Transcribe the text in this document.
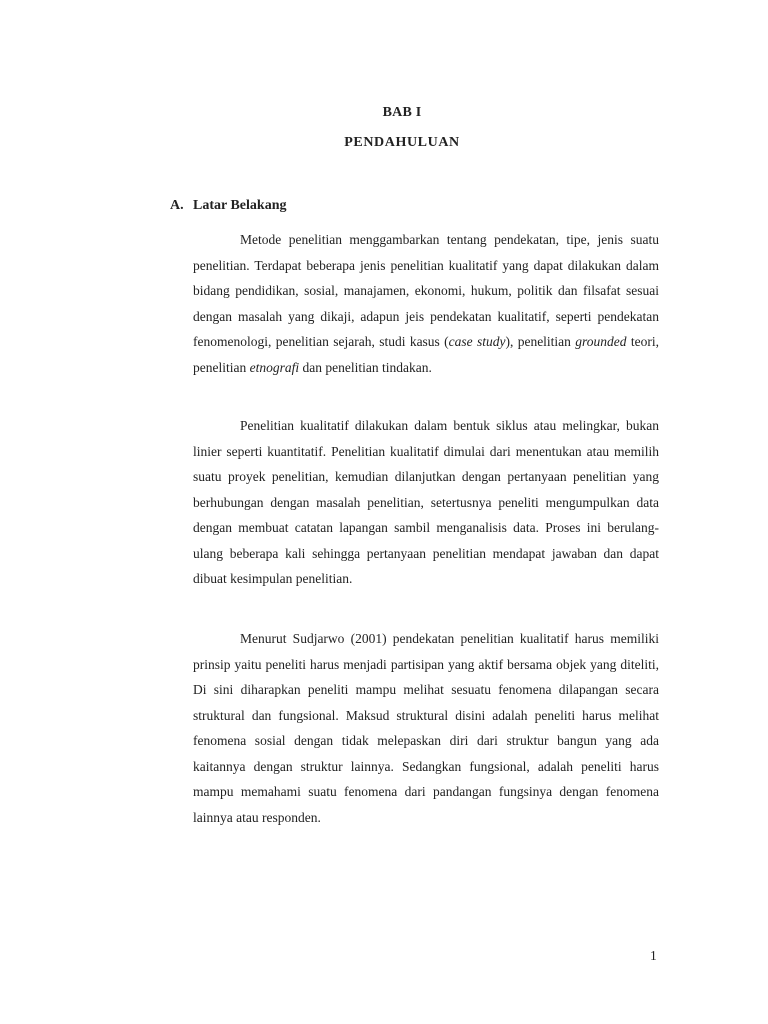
BAB I
PENDAHULUAN
A. Latar Belakang

Metode penelitian menggambarkan tentang pendekatan, tipe, jenis suatu penelitian. Terdapat beberapa jenis penelitian kualitatif yang dapat dilakukan dalam bidang pendidikan, sosial, manajamen, ekonomi, hukum, politik dan filsafat sesuai dengan masalah yang dikaji, adapun jeis pendekatan kualitatif, seperti pendekatan fenomenologi, penelitian sejarah, studi kasus (case study), penelitian grounded teori, penelitian etnografi dan penelitian tindakan.

Penelitian kualitatif dilakukan dalam bentuk siklus atau melingkar, bukan linier seperti kuantitatif. Penelitian kualitatif dimulai dari menentukan atau memilih suatu proyek penelitian, kemudian dilanjutkan dengan pertanyaan penelitian yang berhubungan dengan masalah penelitian, setertusnya peneliti mengumpulkan data dengan membuat catatan lapangan sambil menganalisis data. Proses ini berulang-ulang beberapa kali sehingga pertanyaan penelitian mendapat jawaban dan dapat dibuat kesimpulan penelitian.

Menurut Sudjarwo (2001) pendekatan penelitian kualitatif harus memiliki prinsip yaitu peneliti harus menjadi partisipan yang aktif bersama objek yang diteliti, Di sini diharapkan peneliti mampu melihat sesuatu fenomena dilapangan secara struktural dan fungsional. Maksud struktural disini adalah peneliti harus melihat fenomena sosial dengan tidak melepaskan diri dari struktur bangun yang ada kaitannya dengan struktur lainnya. Sedangkan fungsional, adalah peneliti harus mampu memahami suatu fenomena dari pandangan fungsinya dengan fenomena lainnya atau responden.

1
